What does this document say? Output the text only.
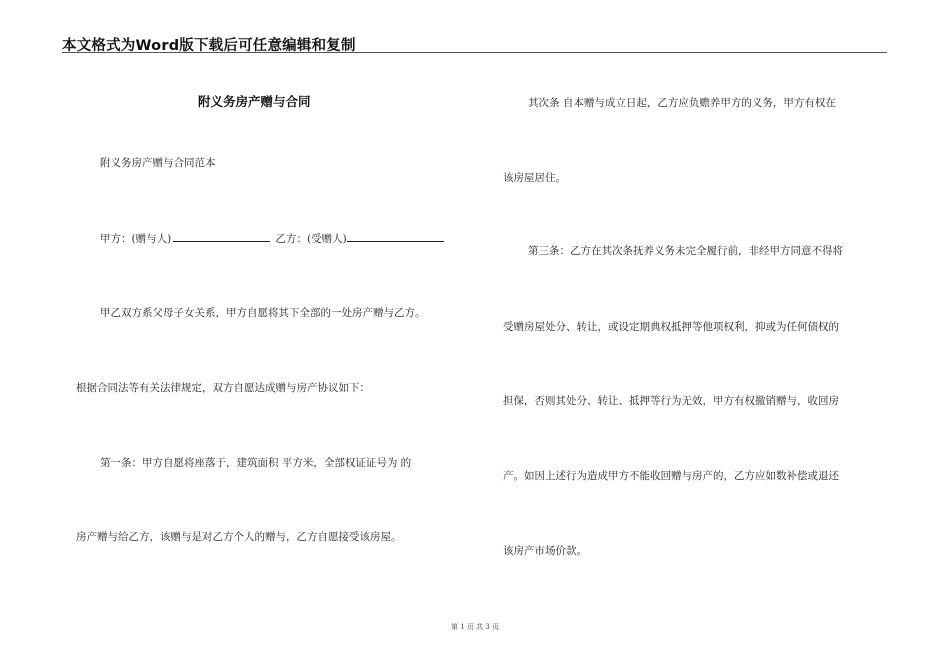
本文格式为Word版下载后可任意编辑和复制
附义务房产赠与合同
附义务房产赠与合同范本
甲方：(赠与人)	乙方：(受赠人)
甲乙双方系父母子女关系，甲方自愿将其下全部的一处房产赠与乙方。
根据合同法等有关法律规定，双方自愿达成赠与房产协议如下：
第一条：甲方自愿将座落于，建筑面积 平方米，全部权证证号为 的
房产赠与给乙方，该赠与是对乙方个人的赠与，乙方自愿接受该房屋。
其次条 自本赠与成立日起，乙方应负赡养甲方的义务，甲方有权在
该房屋居住。
第三条：乙方在其次条抚养义务未完全履行前，非经甲方同意不得将
受赠房屋处分、转让，或设定期典权抵押等他项权利，抑或为任何债权的
担保，否则其处分、转让、抵押等行为无效，甲方有权撤销赠与，收回房
产。如因上述行为造成甲方不能收回赠与房产的，乙方应如数补偿或退还
该房产市场价款。
第 1 页 共 3 页
